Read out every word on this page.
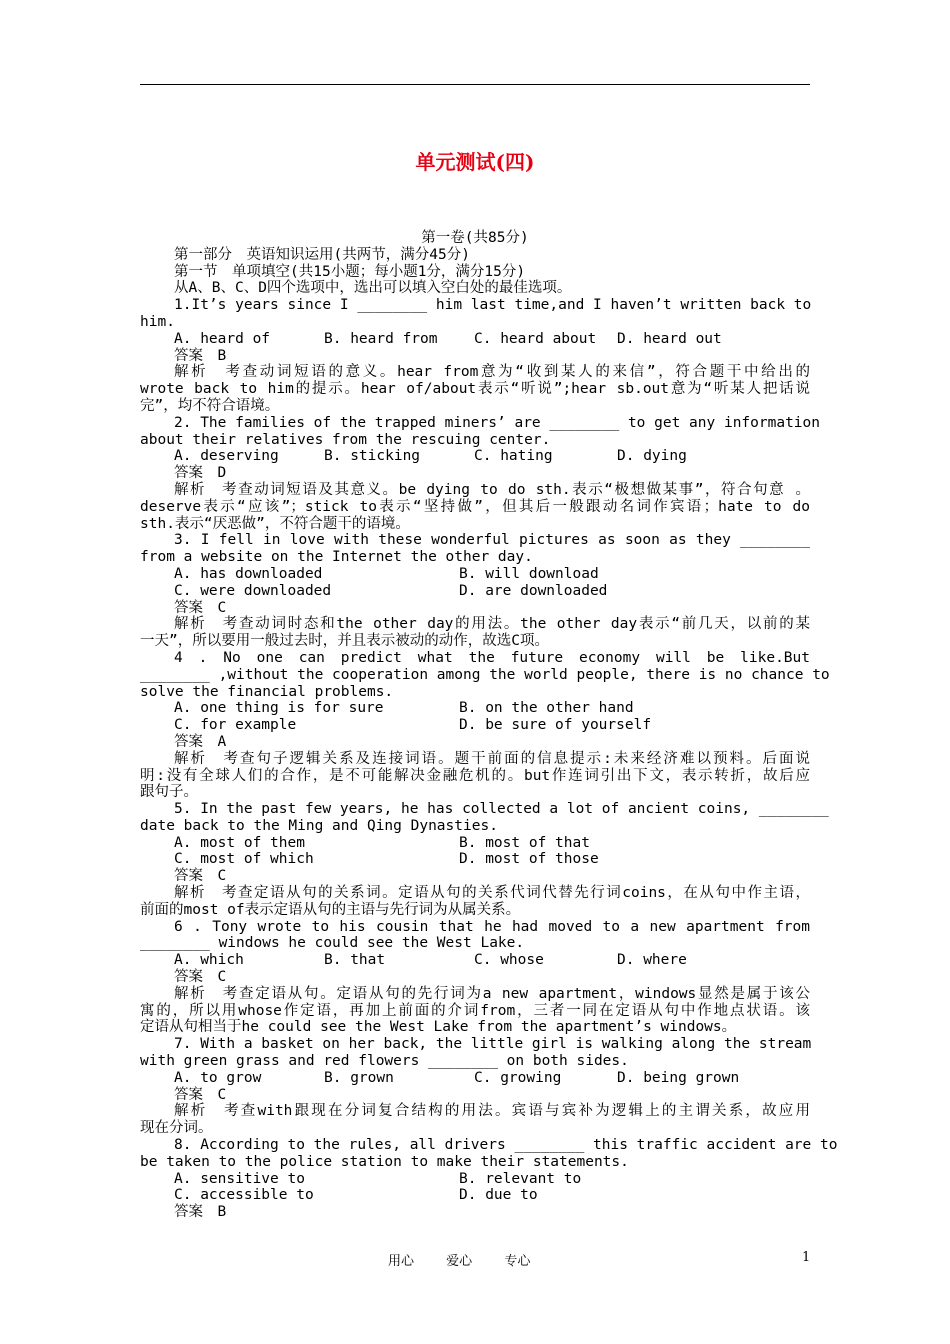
单元测试(四)
第一卷(共85分)
第一部分　英语知识运用(共两节，满分45分)
第一节　单项填空(共15小题；每小题1分，满分15分)
从A、B、C、D四个选项中，选出可以填入空白处的最佳选项。
1.It’s years since I ________ him last time,and I haven’t written back to
him.
A. heard of	B. heard from	C. heard about	D. heard out
答案　B
解析　考查动词短语的意义。hear from意为“收到某人的来信”，符合题干中给出的
wrote back to him的提示。hear of/about表示“听说”;hear sb.out意为“听某人把话说
完”，均不符合语境。
2. The families of the trapped miners’ are ________ to get any information
about their relatives from the rescuing center.
A. deserving	B. sticking	C. hating	D. dying
答案　D
解析　考查动词短语及其意义。be dying to do sth.表示“极想做某事”，符合句意 。
deserve表示“应该”；stick to表示“坚持做”，但其后一般跟动名词作宾语；hate to do
sth.表示“厌恶做”，不符合题干的语境。
3. I fell in love with these wonderful pictures as soon as they ________
from a website on the Internet the other day.
A. has downloaded	B. will download
C. were downloaded	D. are downloaded
答案　C
解析　考查动词时态和the other day的用法。the other day表示“前几天，以前的某
一天”，所以要用一般过去时，并且表示被动的动作，故选C项。
4 . No one can predict what the future economy will be like.But
________ ,without the cooperation among the world people, there is no chance to
solve the financial problems.
A. one thing is for sure	B. on the other hand
C. for example	D. be sure of yourself
答案　A
解析　考查句子逻辑关系及连接词语。题干前面的信息提示:未来经济难以预料。后面说
明:没有全球人们的合作，是不可能解决金融危机的。but作连词引出下文，表示转折，故后应
跟句子。
5. In the past few years, he has collected a lot of ancient coins, ________
date back to the Ming and Qing Dynasties.
A. most of them	B. most of that
C. most of which	D. most of those
答案　C
解析　考查定语从句的关系词。定语从句的关系代词代替先行词coins，在从句中作主语，
前面的most of表示定语从句的主语与先行词为从属关系。
6 . Tony wrote to his cousin that he had moved to a new apartment from
________ windows he could see the West Lake.
A. which	B. that	C. whose	D. where
答案　C
解析　考查定语从句。定语从句的先行词为a new apartment，windows显然是属于该公
寓的，所以用whose作定语，再加上前面的介词from，三者一同在定语从句中作地点状语。该
定语从句相当于he could see the West Lake from the apartment’s windows。
7. With a basket on her back, the little girl is walking along the stream
with green grass and red flowers ________ on both sides.
A. to grow	B. grown	C. growing	D. being grown
答案　C
解析　考查with跟现在分词复合结构的用法。宾语与宾补为逻辑上的主谓关系，故应用
现在分词。
8. According to the rules, all drivers ________ this traffic accident are to
be taken to the police station to make their statements.
A. sensitive to	B. relevant to
C. accessible to	D. due to
答案　B
用心 爱心 专心	1
